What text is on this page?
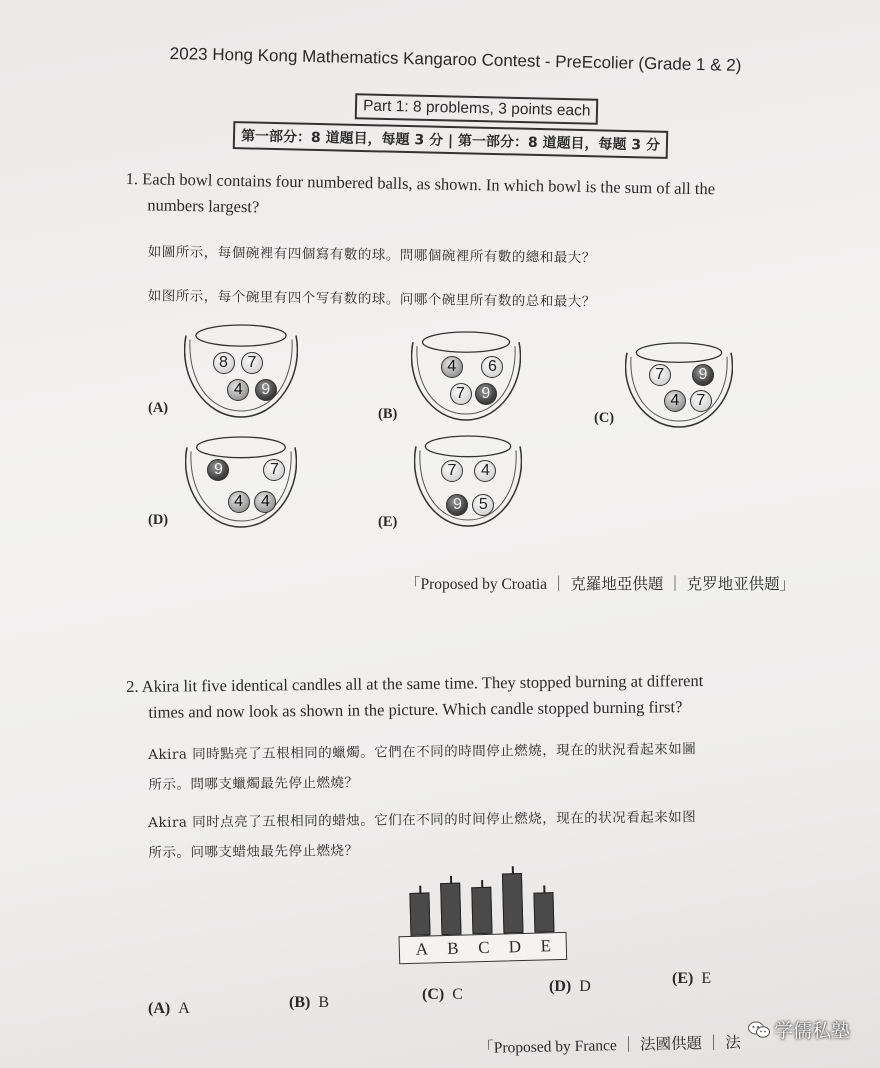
2023 Hong Kong Mathematics Kangaroo Contest - PreEcolier (Grade 1 & 2)
Part 1: 8 problems, 3 points each
第一部分：8 道題目，每題 3 分 | 第一部分：8 道题目，每题 3 分
1. Each bowl contains four numbered balls, as shown. In which bowl is the sum of all the
numbers largest?
如圖所示，每個碗裡有四個寫有數的球。問哪個碗裡所有數的總和最大？
如图所示，每个碗里有四个写有数的球。问哪个碗里所有数的总和最大？
8	7
4	9
4	6
7	9
7	9
4	7
9	7
4	4
7	4
9	5
(A)	(B)	(C)
(D)	(E)
「Proposed by Croatia ｜ 克羅地亞供題 ｜ 克罗地亚供题」
2. Akira lit five identical candles all at the same time. They stopped burning at different
times and now look as shown in the picture. Which candle stopped burning first?
Akira 同時點亮了五根相同的蠟燭。它們在不同的時間停止燃燒，現在的狀況看起來如圖
所示。問哪支蠟燭最先停止燃燒？
Akira 同时点亮了五根相同的蜡烛。它们在不同的时间停止燃烧，现在的状况看起来如图
所示。问哪支蜡烛最先停止燃烧？
A B C D E
(A) A	(B) B	(C) C	(D) D	(E) E
「Proposed by France ｜ 法國供題 ｜ 法
学儒私塾
